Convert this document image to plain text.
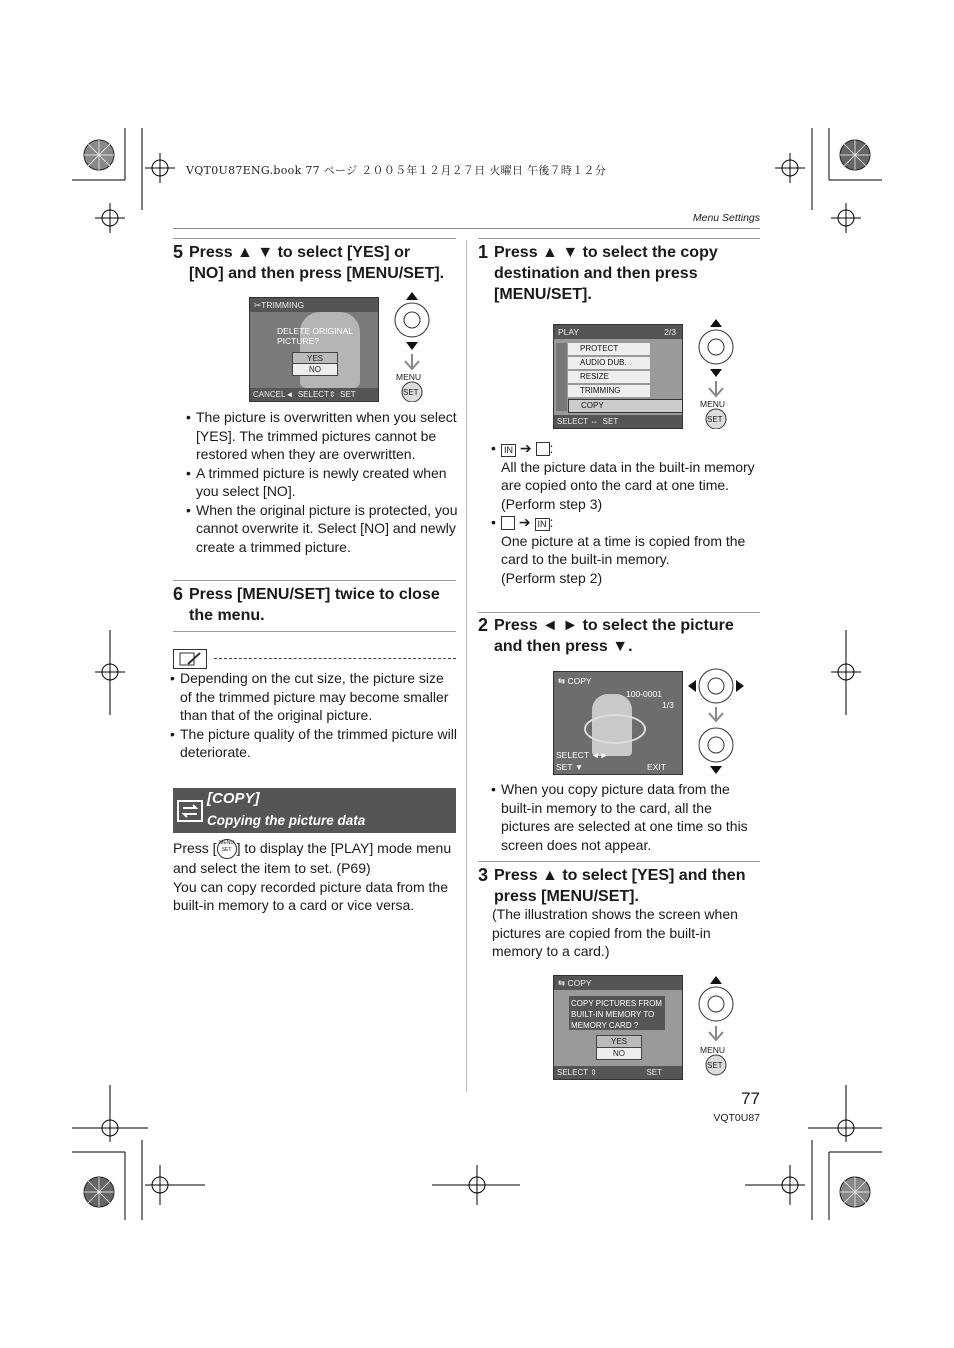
VQT0U87ENG.book 77 ページ ２００５年１２月２７日 火曜日 午後７時１２分
Menu Settings
5 Press ▲ ▼ to select [YES] or
[NO] and then press [MENU/SET].
✂TRIMMING
DELETE ORIGINAL
PICTURE?
YES
NO
CANCEL◄  SELECT⇕  SET
MENU
SET
• The picture is overwritten when you select [YES]. The trimmed pictures cannot be restored when they are overwritten.
• A trimmed picture is newly created when you select [NO].
• When the original picture is protected, you cannot overwrite it. Select [NO] and newly create a trimmed picture.
6 Press [MENU/SET] twice to close
the menu.
• Depending on the cut size, the picture size of the trimmed picture may become smaller than that of the original picture.
• The picture quality of the trimmed picture will deteriorate.
[COPY]
Copying the picture data
Press [ MENU
SET ] to display the [PLAY] mode menu and select the item to set. (P69)
You can copy recorded picture data from the built-in memory to a card or vice versa.
1 Press ▲ ▼ to select the copy
destination and then press
[MENU/SET].
PLAY	2/3
PROTECT
AUDIO DUB.
RESIZE
TRIMMING
COPY
SELECT ⇔  SET
MENU
SET
• IN ➔ :
All the picture data in the built-in memory are copied onto the card at one time.
(Perform step 3)
• ➔ IN :
One picture at a time is copied from the card to the built-in memory.
(Perform step 2)
2 Press ◄ ► to select the picture
and then press ▼.
⇆ COPY
100-0001
1/3
SELECT ◄►
SET ▼	EXIT
• When you copy picture data from the built-in memory to the card, all the pictures are selected at one time so this screen does not appear.
3 Press ▲ to select [YES] and then
press [MENU/SET].
(The illustration shows the screen when pictures are copied from the built-in memory to a card.)
⇆ COPY
COPY PICTURES FROM
BUILT-IN MEMORY TO
MEMORY CARD ?
YES
NO
SELECT ⇕	SET
MENU
SET
77
VQT0U87
